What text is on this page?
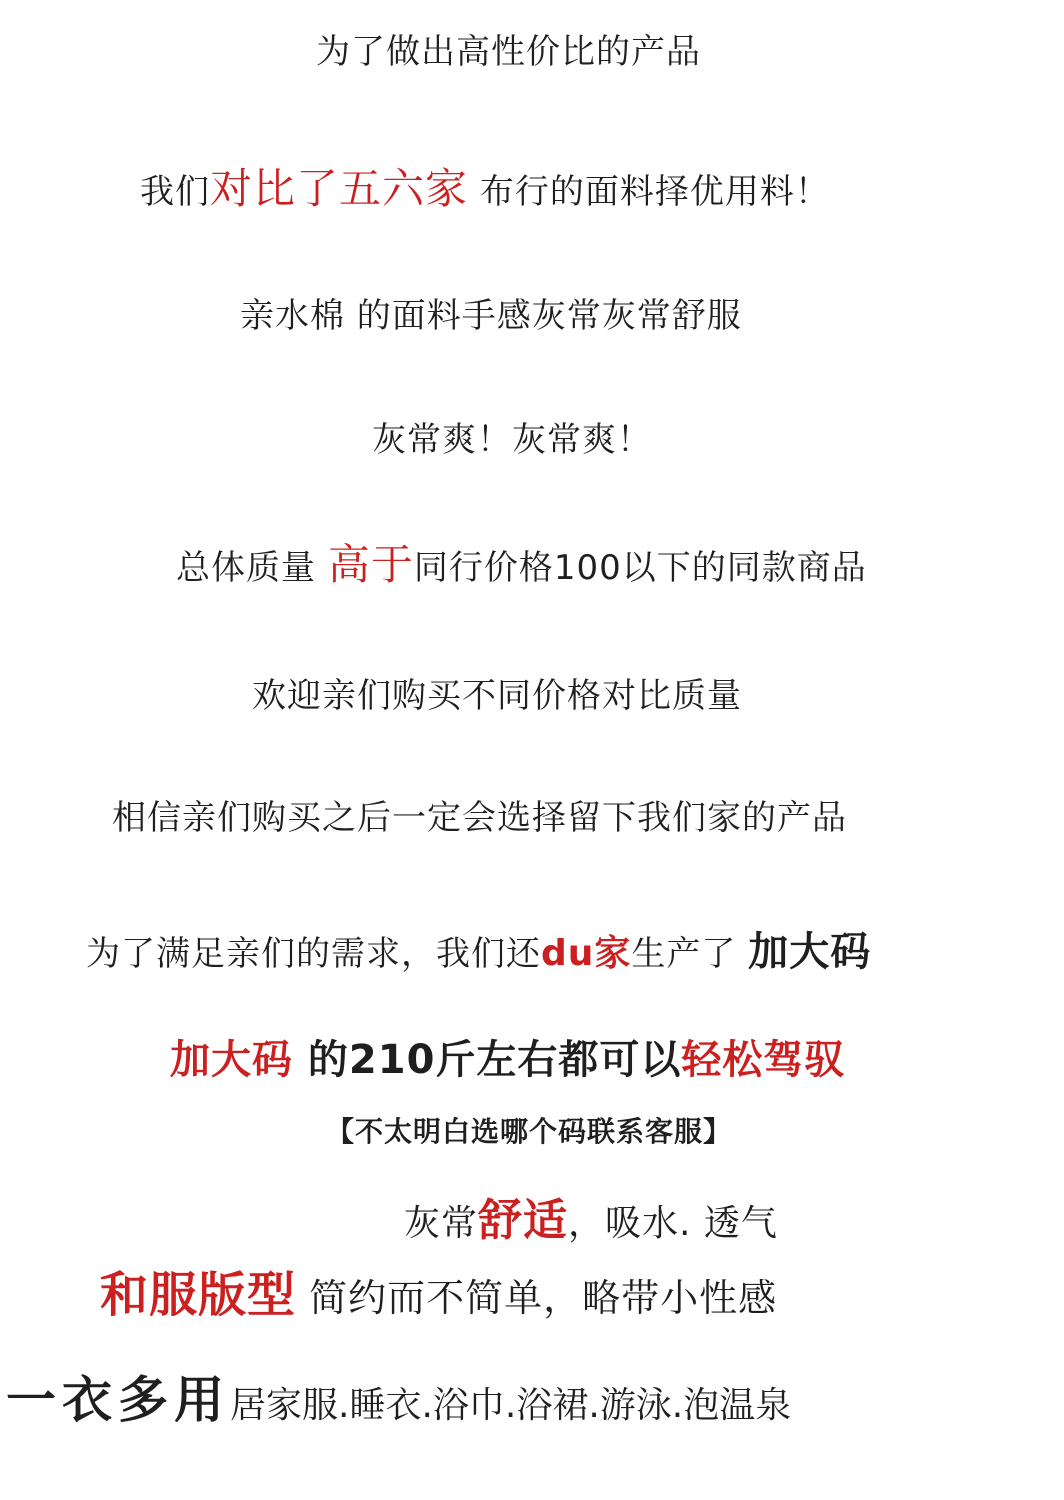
为了做出高性价比的产品
我们对比了五六家 布行的面料择优用料！
亲水棉 的面料手感灰常灰常舒服
灰常爽！灰常爽！
总体质量 高于同行价格100以下的同款商品
欢迎亲们购买不同价格对比质量
相信亲们购买之后一定会选择留下我们家的产品
为了满足亲们的需求，我们还du家生产了 加大码
加大码 的210斤左右都可以轻松驾驭
【不太明白选哪个码联系客服】
灰常舒适，吸水. 透气
和服版型 简约而不简单，略带小性感
一衣多用居家服.睡衣.浴巾.浴裙.游泳.泡温泉
